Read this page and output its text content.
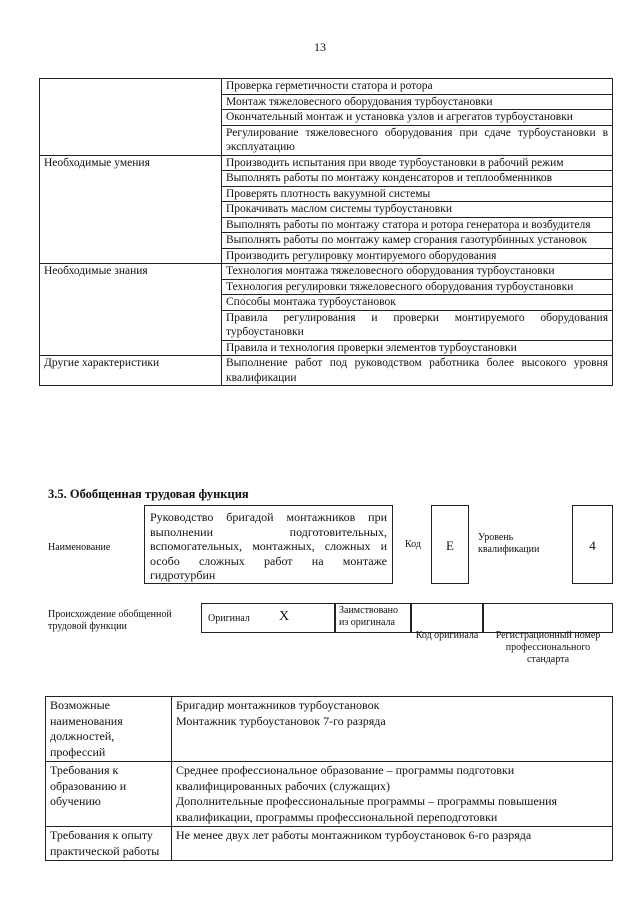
13
	Проверка герметичности статора и ротора
	Монтаж тяжеловесного оборудования турбоустановки
	Окончательный монтаж и установка узлов и агрегатов турбоустановки
	Регулирование тяжеловесного оборудования при сдаче турбоустановки в эксплуатацию
Необходимые умения	Производить испытания при вводе турбоустановки в рабочий режим
	Выполнять работы по монтажу конденсаторов и теплообменников
	Проверять плотность вакуумной системы
	Прокачивать маслом системы турбоустановки
	Выполнять работы по монтажу статора и ротора генератора и возбудителя
	Выполнять работы по монтажу камер сгорания газотурбинных установок
	Производить регулировку монтируемого оборудования
Необходимые знания	Технология монтажа тяжеловесного оборудования турбоустановки
	Технология регулировки тяжеловесного оборудования турбоустановки
	Способы монтажа турбоустановок
	Правила регулирования и проверки монтируемого оборудования турбоустановки
	Правила и технология проверки элементов турбоустановки
Другие характеристики	Выполнение работ под руководством работника более высокого уровня квалификации
3.5. Обобщенная трудовая функция
Наименование
Руководство бригадой монтажников при выполнении подготовительных, вспомогательных, монтажных, сложных и особо сложных работ на монтаже гидротурбин
Код	E
Уровень квалификации	4
Происхождение обобщенной трудовой функции
Оригинал X	Заимствовано из оригинала
Код оригинала	Регистрационный номер профессионального стандарта
Возможные наименования должностей, профессий	Бригадир монтажников турбоустановок
Монтажник турбоустановок 7-го разряда

Требования к образованию и обучению	Среднее профессиональное образование – программы подготовки квалифицированных рабочих (служащих)
Дополнительные профессиональные программы – программы повышения квалификации, программы профессиональной переподготовки

Требования к опыту практической работы	Не менее двух лет работы монтажником турбоустановок 6-го разряда
